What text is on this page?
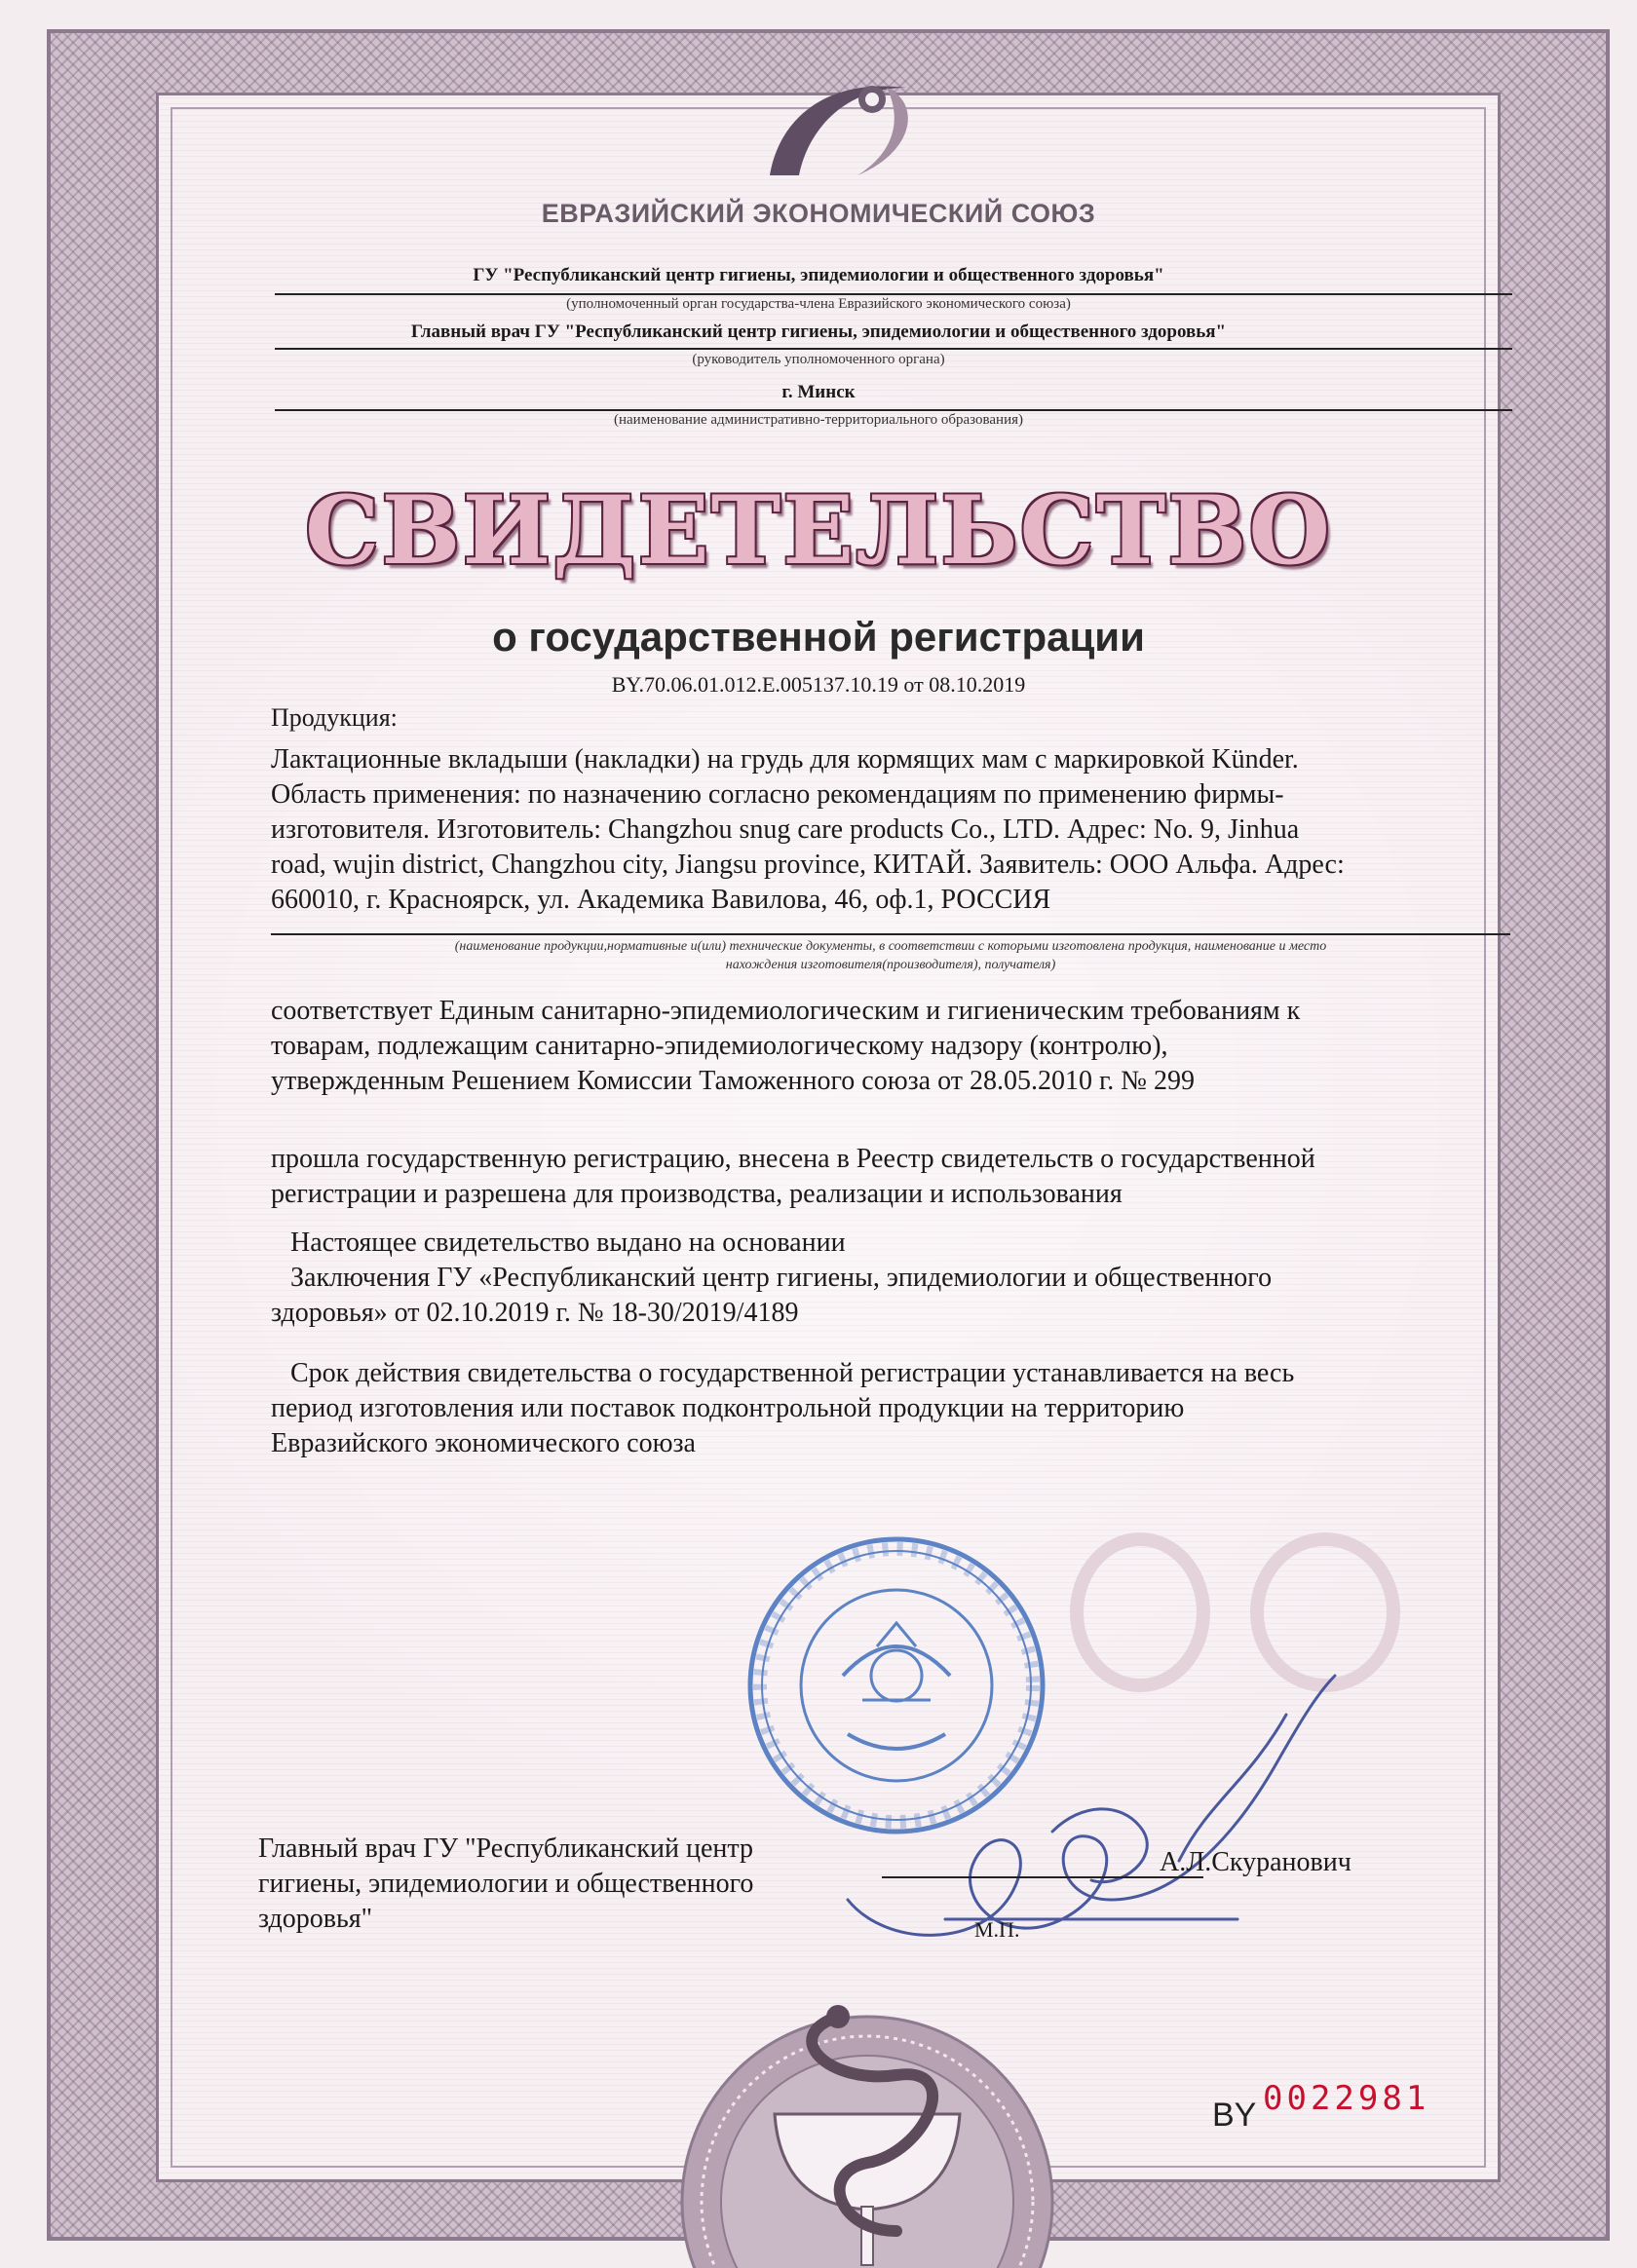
ЕВРАЗИЙСКИЙ ЭКОНОМИЧЕСКИЙ СОЮЗ
ГУ "Республиканский центр гигиены, эпидемиологии и общественного здоровья"
(уполномоченный орган государства-члена Евразийского экономического союза)
Главный врач ГУ "Республиканский центр гигиены, эпидемиологии и общественного здоровья"
(руководитель уполномоченного органа)
г. Минск
(наименование административно-территориального образования)
СВИДЕТЕЛЬСТВО
о государственной регистрации
BY.70.06.01.012.E.005137.10.19 от 08.10.2019
Продукция:
Лактационные вкладыши (накладки) на грудь для кормящих мам с маркировкой Künder.
Область применения: по назначению согласно рекомендациям по применению фирмы-
изготовителя. Изготовитель: Changzhou snug care products Co., LTD. Адрес: No. 9, Jinhua
road, wujin district, Changzhou city, Jiangsu province, КИТАЙ. Заявитель: ООО Альфа. Адрес:
660010, г. Красноярск, ул. Академика Вавилова, 46, оф.1, РОССИЯ
(наименование продукции,нормативные и(или) технические документы, в соответствии с которыми изготовлена продукция, наименование и место
нахождения изготовителя(производителя), получателя)
соответствует Единым санитарно-эпидемиологическим и гигиеническим требованиям к
товарам, подлежащим санитарно-эпидемиологическому надзору (контролю),
утвержденным Решением Комиссии Таможенного союза от 28.05.2010 г. № 299
прошла государственную регистрацию, внесена в Реестр свидетельств о государственной
регистрации и разрешена для производства, реализации и использования
Настоящее свидетельство выдано на основании
Заключения ГУ «Республиканский центр гигиены, эпидемиологии и общественного
здоровья» от 02.10.2019 г. № 18-30/2019/4189
Срок действия свидетельства о государственной регистрации устанавливается на весь
период изготовления или поставок подконтрольной продукции на территорию
Евразийского экономического союза
Главный врач ГУ "Республиканский центр
гигиены, эпидемиологии и общественного
здоровья"
А.Л.Скуранович
М.П.
BY 0022981
